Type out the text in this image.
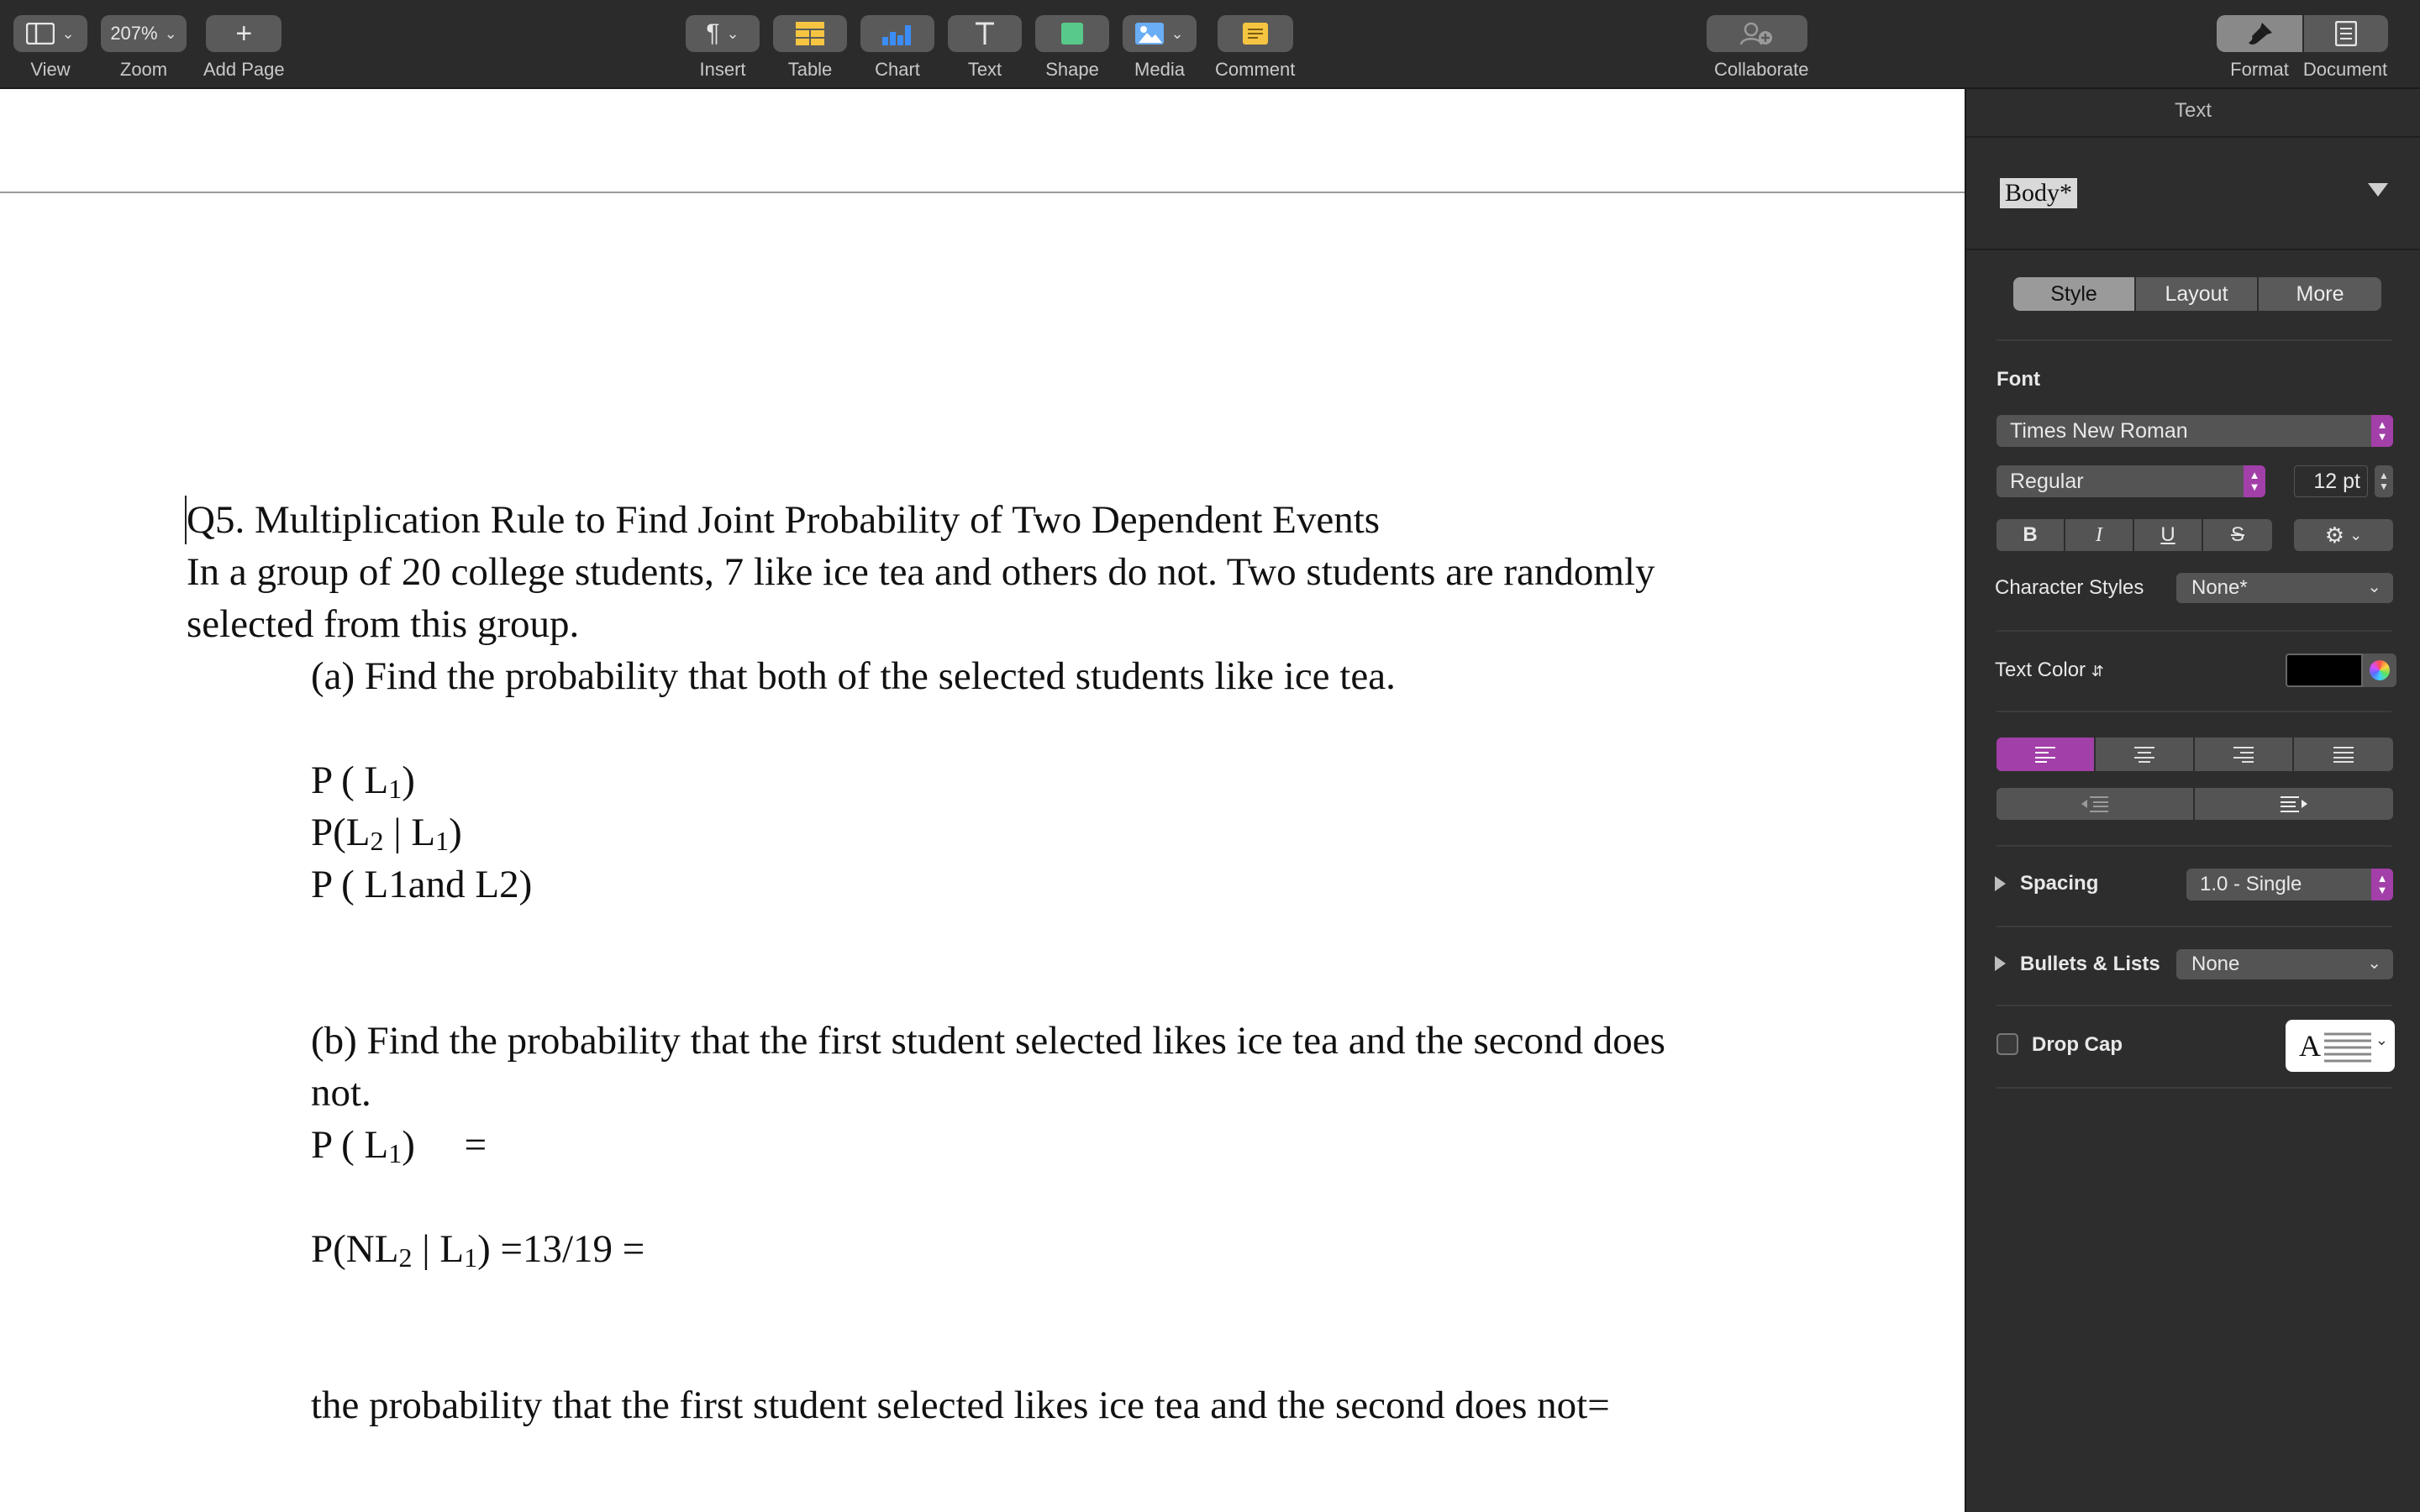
⌄
View
207% ⌄
Zoom
+
Add Page
¶ ⌄
Insert Table Chart	Text Shape
⌄
Media Comment	Collaborate	Format Document
Q5. Multiplication Rule to Find Joint Probability of Two Dependent Events
In a group of 20 college students, 7 like ice tea and others do not. Two students are randomly
selected from this group.
(a) Find the probability that both of the selected students like ice tea.
P ( $L_1$)
$P(L_2$ | $L_1$)
P ( L1and L2)
(b) Find the probability that the first student selected likes ice tea and the second does
not.
P ( $L_1$)     =
$P(NL_2$ | $L_1) =13/19$ =
the probability that the first student selected likes ice tea and the second does not=
Text
Body*
Style	Layout	More
Font
Times New Roman	▲
▼
Regular	▲
▼	12 pt	▲
▼
B	I	U	S	⚙ ⌄
Character Styles None*	⌄
Text Color ⇵
Spacing	1.0 - Single	▲
▼
Bullets & Lists None	⌄
Drop Cap	A	⌄
